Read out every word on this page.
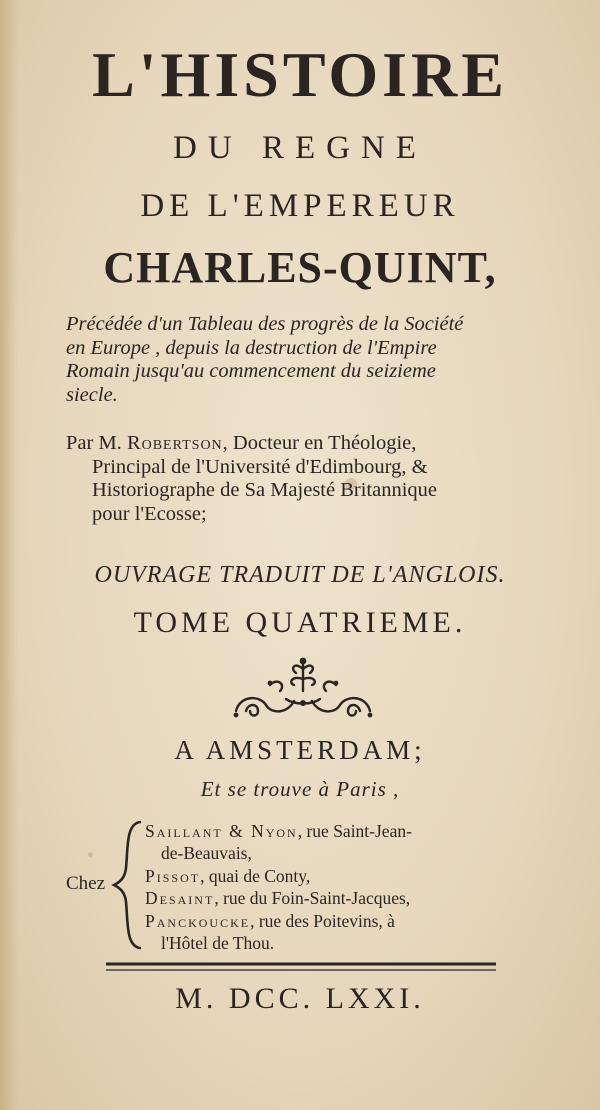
L'HISTOIRE
DU REGNE
DE L'EMPEREUR
CHARLES-QUINT,
Précédée d'un Tableau des progrès de la Société
en Europe , depuis la destruction de l'Empire
Romain jusqu'au commencement du seizieme
siecle.
Par M. Robertson, Docteur en Théologie,
Principal de l'Université d'Edimbourg, &
Historiographe de Sa Majesté Britannique
pour l'Ecosse;
OUVRAGE TRADUIT DE L'ANGLOIS.
TOME QUATRIEME.
A AMSTERDAM;
Et se trouve à Paris ,
Chez
Saillant & Nyon, rue Saint-Jean-
de-Beauvais,
Pissot, quai de Conty,
Desaint, rue du Foin-Saint-Jacques,
Panckoucke, rue des Poitevins, à
l'Hôtel de Thou.
M. DCC. LXXI.
